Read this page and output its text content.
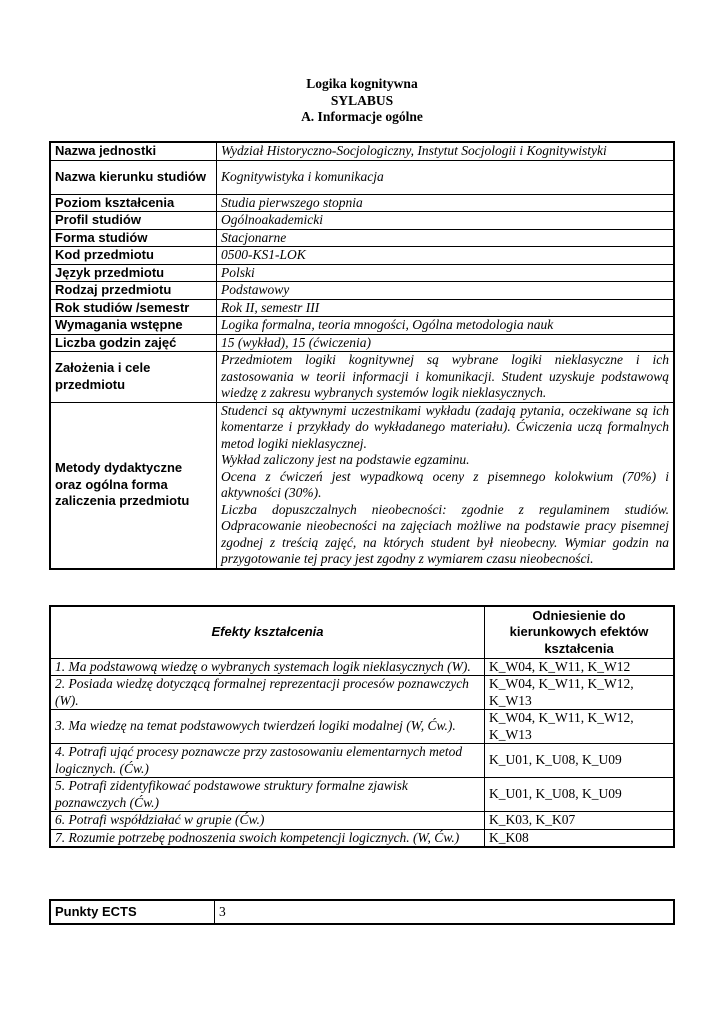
Logika kognitywna
SYLABUS
A. Informacje ogólne
Nazwa jednostki	Wydział Historyczno-Socjologiczny, Instytut Socjologii i Kognitywistyki
Nazwa kierunku studiów	Kognitywistyka i komunikacja
Poziom kształcenia	Studia pierwszego stopnia
Profil studiów	Ogólnoakademicki
Forma studiów	Stacjonarne
Kod przedmiotu	0500-KS1-LOK
Język przedmiotu	Polski
Rodzaj przedmiotu	Podstawowy
Rok studiów /semestr	Rok II, semestr III
Wymagania wstępne	Logika formalna, teoria mnogości, Ogólna metodologia nauk
Liczba godzin zajęć	15 (wykład), 15 (ćwiczenia)
Założenia i cele przedmiotu	Przedmiotem logiki kognitywnej są wybrane logiki nieklasyczne i ich zastosowania w teorii informacji i komunikacji. Student uzyskuje podstawową wiedzę z zakresu wybranych systemów logik nieklasycznych.
Metody dydaktyczne oraz ogólna forma zaliczenia przedmiotu	Studenci są aktywnymi uczestnikami wykładu (zadają pytania, oczekiwane są ich komentarze i przykłady do wykładanego materiału). Ćwiczenia uczą formalnych metod logiki nieklasycznej.
Wykład zaliczony jest na podstawie egzaminu.
Ocena z ćwiczeń jest wypadkową oceny z pisemnego kolokwium (70%) i aktywności (30%).
Liczba dopuszczalnych nieobecności: zgodnie z regulaminem studiów. Odpracowanie nieobecności na zajęciach możliwe na podstawie pracy pisemnej zgodnej z treścią zajęć, na których student był nieobecny. Wymiar godzin na przygotowanie tej pracy jest zgodny z wymiarem czasu nieobecności.
Efekty kształcenia	Odniesienie do kierunkowych efektów kształcenia
1. Ma podstawową wiedzę o wybranych systemach logik nieklasycznych (W).	K_W04, K_W11, K_W12
2. Posiada wiedzę dotyczącą formalnej reprezentacji procesów poznawczych (W).	K_W04, K_W11, K_W12, K_W13
3. Ma wiedzę na temat podstawowych twierdzeń logiki modalnej (W, Ćw.).	K_W04, K_W11, K_W12, K_W13
4. Potrafi ująć procesy poznawcze przy zastosowaniu elementarnych metod logicznych. (Ćw.)	K_U01, K_U08, K_U09
5. Potrafi zidentyfikować podstawowe struktury formalne zjawisk poznawczych (Ćw.)	K_U01, K_U08, K_U09
6. Potrafi współdziałać w grupie (Ćw.)	K_K03, K_K07
7. Rozumie potrzebę podnoszenia swoich kompetencji logicznych. (W, Ćw.)	K_K08
Punkty ECTS	3
